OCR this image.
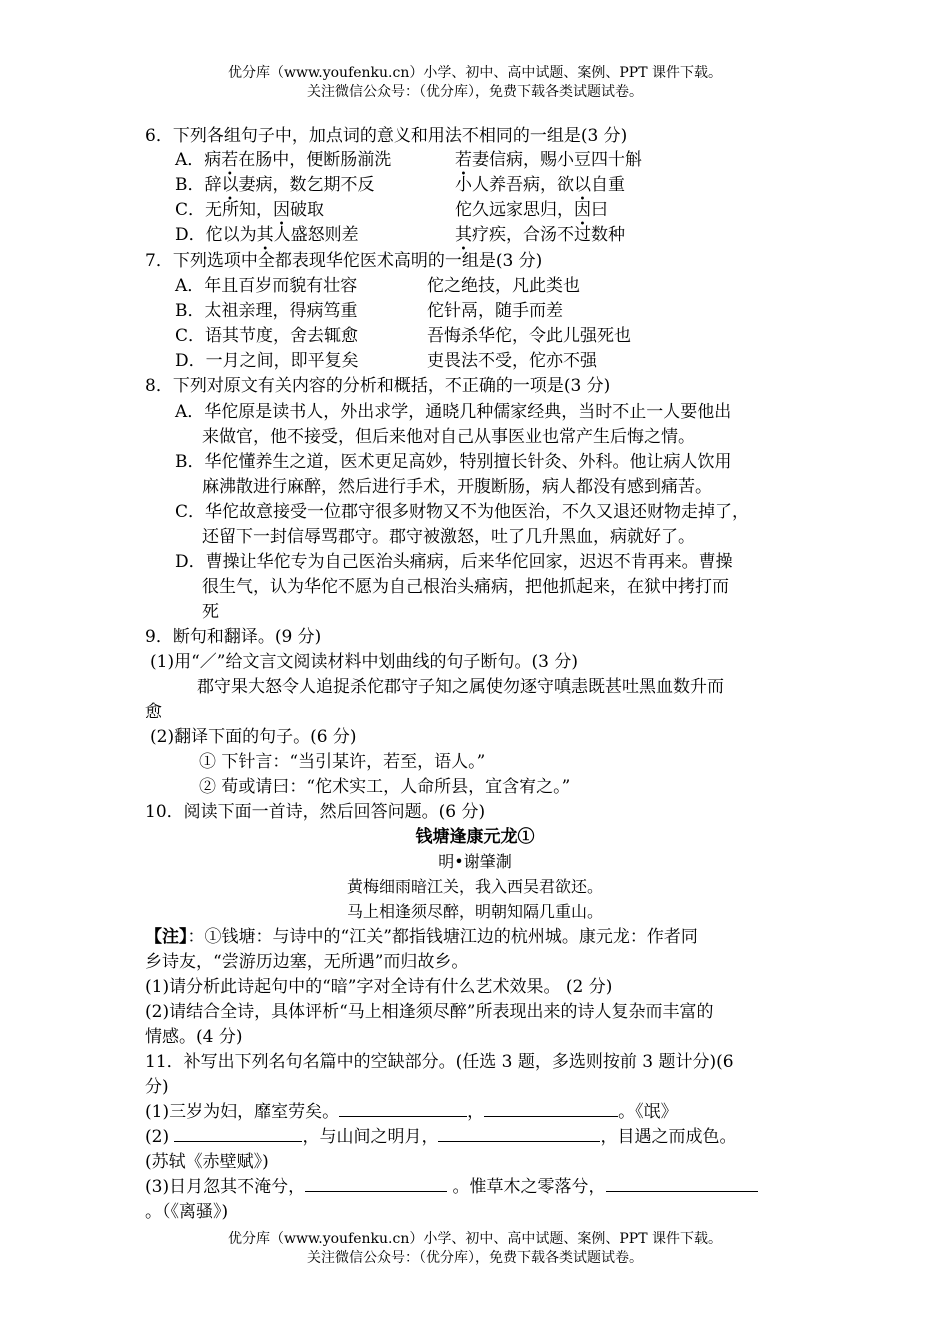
优分库（www.youfenku.cn）小学、初中、高中试题、案例、PPT 课件下载。
关注微信公众号：（优分库），免费下载各类试题试卷。
6．下列各组句子中，加点词的意义和用法不相同的一组是(3 分)
A．病若在肠中，便断肠湔洗	若妻信病，赐小豆四十斛
B．辞以妻病，数乞期不反	小人养吾病，欲以自重
C．无所知，因破取	佗久远家思归，因曰
D．佗以为其人盛怒则差	其疗疾，合汤不过数种
7．下列选项中全都表现华佗医术高明的一组是(3 分)
A．年且百岁而貌有壮容	佗之绝技，凡此类也
B．太祖亲理，得病笃重	佗针鬲，随手而差
C．语其节度，舍去辄愈	吾悔杀华佗，令此儿强死也
D．一月之间，即平复矣	吏畏法不受，佗亦不强
8．下列对原文有关内容的分析和概括，不正确的一项是(3 分)
A．华佗原是读书人，外出求学，通晓几种儒家经典，当时不止一人要他出
来做官，他不接受，但后来他对自己从事医业也常产生后悔之情。
B．华佗懂养生之道，医术更足高妙，特别擅长针灸、外科。他让病人饮用
麻沸散进行麻醉，然后进行手术，开腹断肠，病人都没有感到痛苦。
C．华佗故意接受一位郡守很多财物又不为他医治，不久又退还财物走掉了，
还留下一封信辱骂郡守。郡守被激怒，吐了几升黑血，病就好了。
D．曹操让华佗专为自己医治头痛病，后来华佗回家，迟迟不肯再来。曹操
很生气，认为华佗不愿为自己根治头痛病，把他抓起来，在狱中拷打而
死
9．断句和翻译。(9 分)
(1)用“／”给文言文阅读材料中划曲线的句子断句。(3 分)
郡守果大怒令人追捉杀佗郡守子知之属使勿逐守嗔恚既甚吐黑血数升而
愈
(2)翻译下面的句子。(6 分)
① 下针言：“当引某许，若至，语人。”
② 荀或请曰：“佗术实工，人命所县，宜含宥之。”
10．阅读下面一首诗，然后回答问题。(6 分)
钱塘逢康元龙①
明•谢肇淛
黄梅细雨暗江关，我入西吴君欲还。
马上相逢须尽醉，明朝知隔几重山。
【注】：①钱塘：与诗中的“江关”都指钱塘江边的杭州城。康元龙：作者同
乡诗友，“尝游历边塞，无所遇”而归故乡。
(1)请分析此诗起句中的“暗”字对全诗有什么艺术效果。 (2 分)
(2)请结合全诗，具体评析“马上相逢须尽醉”所表现出来的诗人复杂而丰富的
情感。(4 分)
11．补写出下列名句名篇中的空缺部分。(任选 3 题，多选则按前 3 题计分)(6
分)
(1)三岁为妇，靡室劳矣。	，	。《氓》
(2)	，与山间之明月，	，目遇之而成色。
(苏轼《赤壁赋》)
(3)日月忽其不淹兮，	。惟草木之零落兮，
。（《离骚》)
优分库（www.youfenku.cn）小学、初中、高中试题、案例、PPT 课件下载。
关注微信公众号：（优分库），免费下载各类试题试卷。
